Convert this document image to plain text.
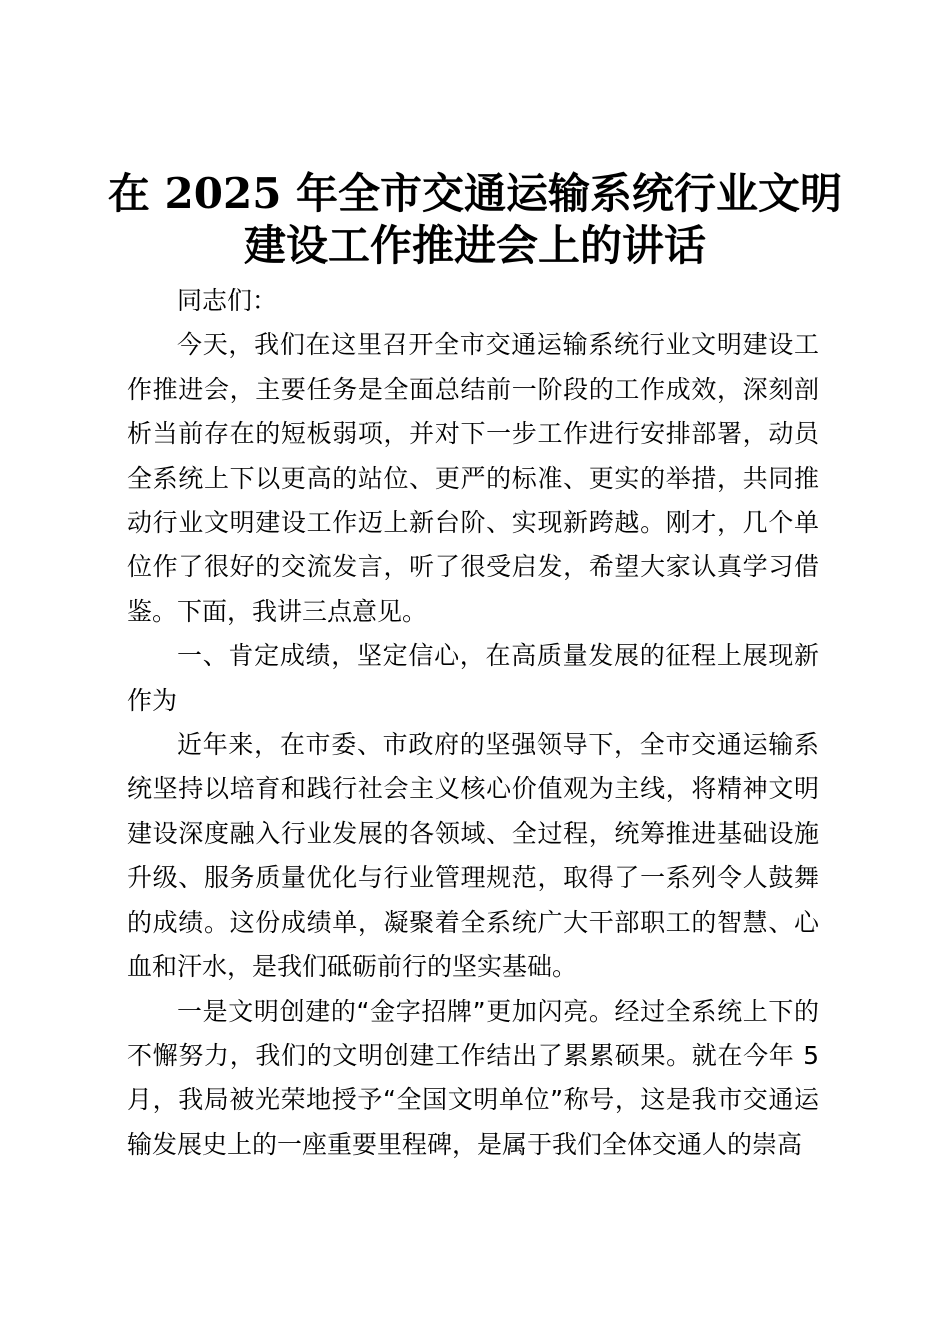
在 2025 年全市交通运输系统行业文明
建设工作推进会上的讲话

同志们：

今天，我们在这里召开全市交通运输系统行业文明建设工作推进会，主要任务是全面总结前一阶段的工作成效，深刻剖析当前存在的短板弱项，并对下一步工作进行安排部署，动员全系统上下以更高的站位、更严的标准、更实的举措，共同推动行业文明建设工作迈上新台阶、实现新跨越。刚才，几个单位作了很好的交流发言，听了很受启发，希望大家认真学习借鉴。下面，我讲三点意见。

一、肯定成绩，坚定信心，在高质量发展的征程上展现新作为

近年来，在市委、市政府的坚强领导下，全市交通运输系统坚持以培育和践行社会主义核心价值观为主线，将精神文明建设深度融入行业发展的各领域、全过程，统筹推进基础设施升级、服务质量优化与行业管理规范，取得了一系列令人鼓舞的成绩。这份成绩单，凝聚着全系统广大干部职工的智慧、心血和汗水，是我们砥砺前行的坚实基础。

一是文明创建的“金字招牌”更加闪亮。经过全系统上下的不懈努力，我们的文明创建工作结出了累累硕果。就在今年 5 月，我局被光荣地授予“全国文明单位”称号，这是我市交通运输发展史上的一座重要里程碑，是属于我们全体交通人的崇高
